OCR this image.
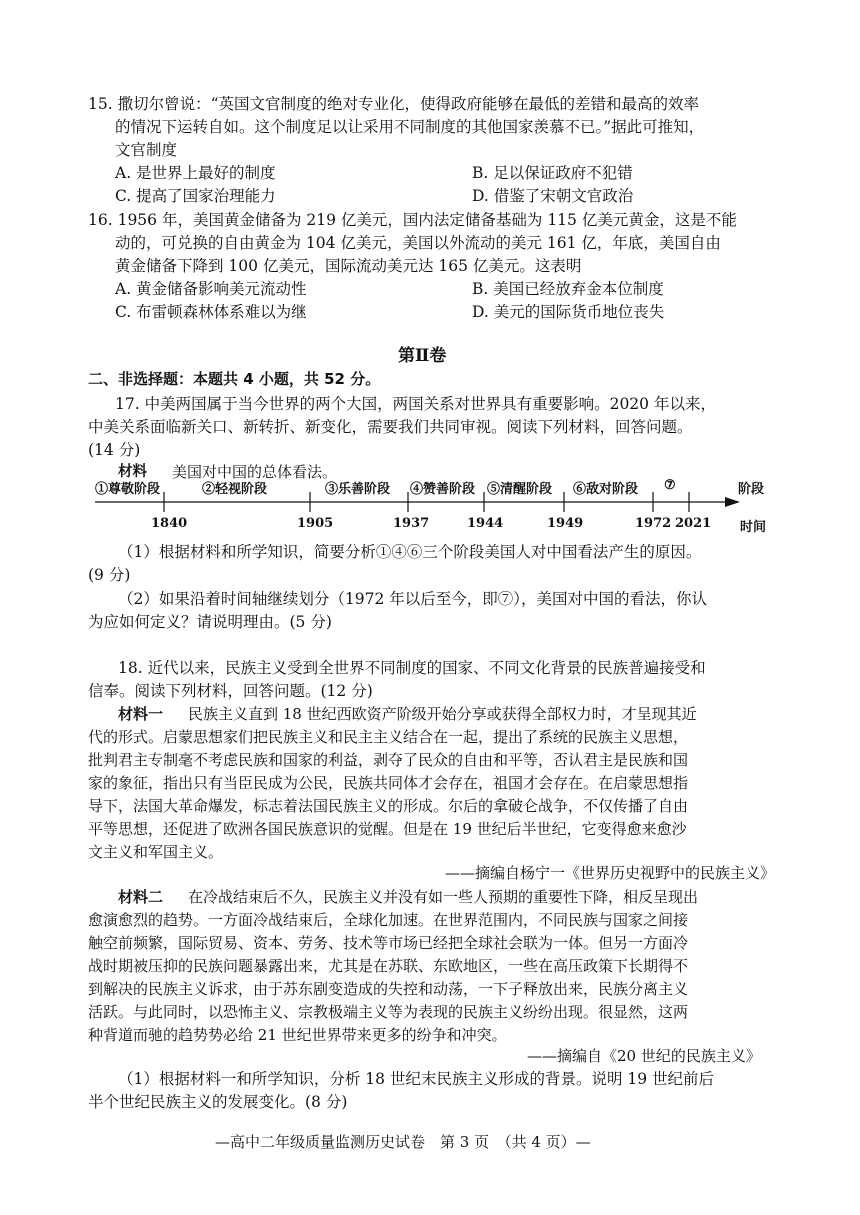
15. 撒切尔曾说：“英国文官制度的绝对专业化，使得政府能够在最低的差错和最高的效率
的情况下运转自如。这个制度足以让采用不同制度的其他国家羡慕不已。”据此可推知，
文官制度
A. 是世界上最好的制度	B. 足以保证政府不犯错
C. 提高了国家治理能力	D. 借鉴了宋朝文官政治
16. 1956 年，美国黄金储备为 219 亿美元，国内法定储备基础为 115 亿美元黄金，这是不能
动的，可兑换的自由黄金为 104 亿美元，美国以外流动的美元 161 亿，年底，美国自由
黄金储备下降到 100 亿美元，国际流动美元达 165 亿美元。这表明
A. 黄金储备影响美元流动性	B. 美国已经放弃金本位制度
C. 布雷顿森林体系难以为继	D. 美元的国际货币地位丧失
第Ⅱ卷
二、非选择题：本题共 4 小题，共 52 分。
17. 中美两国属于当今世界的两个大国，两国关系对世界具有重要影响。2020 年以来，
中美关系面临新关口、新转折、新变化，需要我们共同审视。阅读下列材料，回答问题。
(14 分)
材料 美国对中国的总体看法。
①尊敬阶段	②轻视阶段	③乐善阶段 ④赞善阶段 ⑤清醒阶段 ⑥敌对阶段 ⑦	阶段
1840	1905	1937	1944	1949	1972 2021 时间
（1）根据材料和所学知识，简要分析①④⑥三个阶段美国人对中国看法产生的原因。
(9 分)
（2）如果沿着时间轴继续划分（1972 年以后至今，即⑦），美国对中国的看法，你认
为应如何定义？请说明理由。(5 分)
18. 近代以来，民族主义受到全世界不同制度的国家、不同文化背景的民族普遍接受和
信奉。阅读下列材料，回答问题。(12 分)
材料一 民族主义直到 18 世纪西欧资产阶级开始分享或获得全部权力时，才呈现其近
代的形式。启蒙思想家们把民族主义和民主主义结合在一起，提出了系统的民族主义思想，
批判君主专制毫不考虑民族和国家的利益，剥夺了民众的自由和平等，否认君主是民族和国
家的象征，指出只有当臣民成为公民，民族共同体才会存在，祖国才会存在。在启蒙思想指
导下，法国大革命爆发，标志着法国民族主义的形成。尔后的拿破仑战争，不仅传播了自由
平等思想，还促进了欧洲各国民族意识的觉醒。但是在 19 世纪后半世纪，它变得愈来愈沙
文主义和军国主义。
——摘编自杨宁一《世界历史视野中的民族主义》
材料二 在冷战结束后不久，民族主义并没有如一些人预期的重要性下降，相反呈现出
愈演愈烈的趋势。一方面冷战结束后，全球化加速。在世界范围内，不同民族与国家之间接
触空前频繁，国际贸易、资本、劳务、技术等市场已经把全球社会联为一体。但另一方面冷
战时期被压抑的民族问题暴露出来，尤其是在苏联、东欧地区，一些在高压政策下长期得不
到解决的民族主义诉求，由于苏东剧变造成的失控和动荡，一下子释放出来，民族分离主义
活跃。与此同时，以恐怖主义、宗教极端主义等为表现的民族主义纷纷出现。很显然，这两
种背道而驰的趋势势必给 21 世纪世界带来更多的纷争和冲突。
——摘编自《20 世纪的民族主义》
（1）根据材料一和所学知识，分析 18 世纪末民族主义形成的背景。说明 19 世纪前后
半个世纪民族主义的发展变化。(8 分)
—高中二年级质量监测历史试卷　第 3 页　（共 4 页）—
